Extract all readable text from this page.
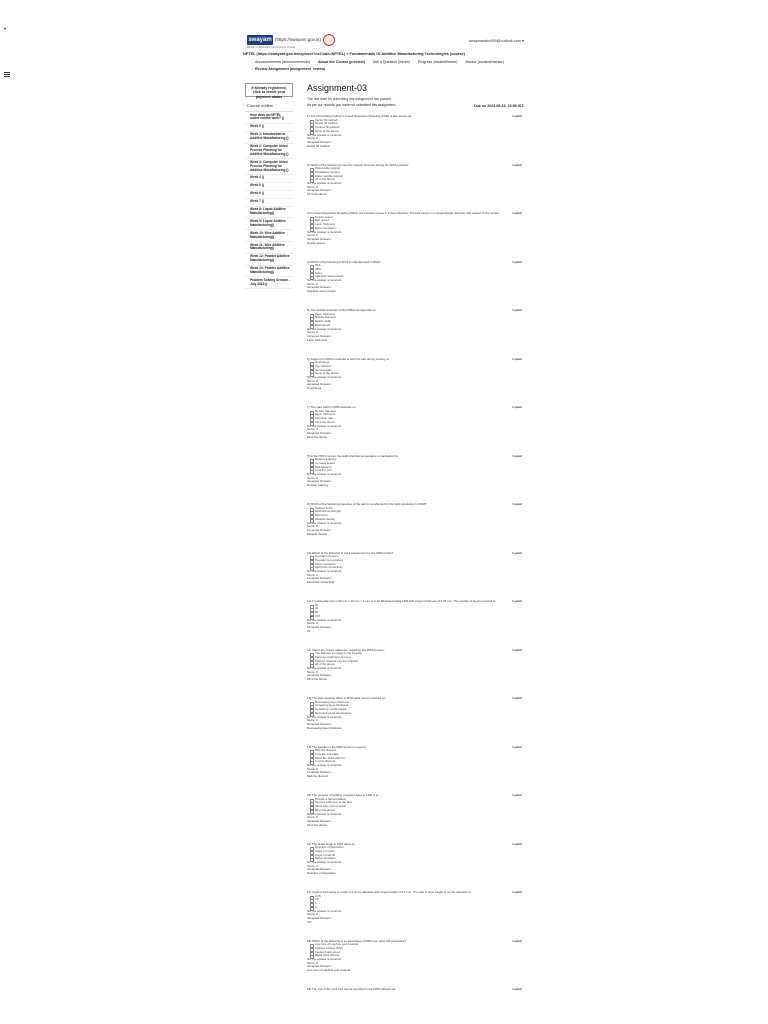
•
swayam (https://swayam.gov.in)
Ministry of Education | Government of India
swapnasahu999@outlook.com ▾
NPTEL (https://swayam.gov.in/explorer?ncCode=NPTEL) » Fundamentals Of Additive Manufacturing Technologies (course)
Announcements (announcements) About the Course (preview) Ask a Question (forum) Progress (student/home) Mentor (student/mentor)
Review Assignment (assignment_review)
If already registered, click to check your payment status
Course outline
How does an NPTEL online course work? ()
Week 0 ()
Week 1: Introduction to Additive Manufacturing ()
Week 2: Computer Aided Process Planning for Additive Manufacturing ()
Week 3: Computer Aided Process Planning for Additive Manufacturing ()
Week 4 ()
Week 5 ()
Week 6 ()
Week 7 ()
Week 8: Liquid Additive Manufacturing()
Week 9: Liquid Additive Manufacturing()
Week 10: Wire Additive Manufacturing()
Week 11: Wire Additive Manufacturing()
Week 12: Powder Additive Manufacturing()
Week 13: Powder Additive Manufacturing()
Problem Solving Session - July 2023 ()
Assignment-03
The due date for submitting this assignment has passed.
As per our records you have not submitted this assignment.	Due on 2023-08-16, 23:59 IST.
1) The print writing method in Fused Deposition Modeling (FDM) is also known as:	1 point
Vector fill method
Raster fill method
Contour fill method
None of the above
No, the answer is incorrect.
Score: 0
Accepted Answers:
Raster fill method
2) Which of the following is used for support structure during the FDM process?	1 point
Dissolvable support
Breakaway support
Water-soluble support
All of the above
No, the answer is incorrect.
Score: 0
Accepted Answers:
All of the above
3) In Fused Deposition Modeling (FDM), the extruder moves in a fixed direction. The bed moves in a perpendicular direction with respect to the nozzle.	1 point
Nozzle speed
Bed speed
Layer thickness
Build orientation
No, the answer is incorrect.
Score: 0
Accepted Answers:
Nozzle speed
4) Which of the following is NOT a material used in FDM?	1 point
PLA
ABS
Nylon
Stainless steel powder
No, the answer is incorrect.
Score: 0
Accepted Answers:
Stainless steel powder
5) The vertical resolution of the FDM part depends on:	1 point
Layer thickness
Nozzle diameter
Raster width
Build speed
No, the answer is incorrect.
Score: 0
Accepted Answers:
Layer thickness
6) Support for FDM is required to hold the part during printing of:	1 point
Overhangs
Top surfaces
Vertical walls
None of the above
No, the answer is incorrect.
Score: 0
Accepted Answers:
Overhangs
7) The road width in FDM depends on:	1 point
Nozzle diameter
Layer thickness
Extrusion rate
All of the above
No, the answer is incorrect.
Score: 0
Accepted Answers:
All of the above
8) In the FDM process, the build chamber temperature is maintained to:	1 point
Reduce warping
Increase speed
Melt filament
Cool the part
No, the answer is incorrect.
Score: 0
Accepted Answers:
Reduce warping
9) Which of the following properties of the part is not affected by the build orientation in FDM?	1 point
Surface finish
Mechanical strength
Build time
Material density
No, the answer is incorrect.
Score: 0
Accepted Answers:
Material density
10) Which of the following is not a requirement for the FDM nozzle?	1 point
Constant pressure
Constant temperature
Wear resistance
Electrical conductivity
No, the answer is incorrect.
Score: 0
Accepted Answers:
Electrical conductivity
11) A rectangular part of 20 mm × 10 mm × 5 mm is to be fabricated using FDM with a layer thickness of 0.25 mm. The number of layers required is:	1 point
20
40
80
100
No, the answer is incorrect.
Score: 0
Accepted Answers:
20
12) Select the correct statement regarding the FDM process:	1 point
The filament is melted in the liquefier
Parts are built layer by layer
Support material may be required
All of the above
No, the answer is incorrect.
Score: 0
Accepted Answers:
All of the above
13) The stair-stepping effect in FDM parts can be reduced by:	1 point
Decreasing layer thickness
Increasing layer thickness
Increasing nozzle speed
Decreasing bed temperature
No, the answer is incorrect.
Score: 0
Accepted Answers:
Decreasing layer thickness
14) The liquefier in the FDM system is used to:	1 point
Melt the filament
Cool the extrudate
Move the build platform
Cut the filament
No, the answer is incorrect.
Score: 0
Accepted Answers:
Melt the filament
15) The purpose of building a support base in FDM is to:	1 point
Provide a flat foundation
Improve adhesion to the bed
Allow easy part removal
All of the above
No, the answer is incorrect.
Score: 0
Accepted Answers:
All of the above
16) The raster angle in FDM refers to:	1 point
Direction of deposition
Angle of nozzle
Angle of bed tilt
Build orientation
No, the answer is incorrect.
Score: 0
Accepted Answers:
Direction of deposition
17) A part is built using a nozzle of 0.4 mm diameter with a layer height of 0.2 mm. The ratio of layer height to nozzle diameter is:	1 point
0.25
0.5
1
2
No, the answer is incorrect.
Score: 0
Accepted Answers:
0.5
18) Which of the following is an advantage of FDM over other AM processes?	1 point
Low cost of machine and material
Highest surface finish
Fastest build speed
Metal parts directly
No, the answer is incorrect.
Score: 0
Accepted Answers:
Low cost of machine and material
19) The size of the print bed can be specified in the FDM software as:	1 point
